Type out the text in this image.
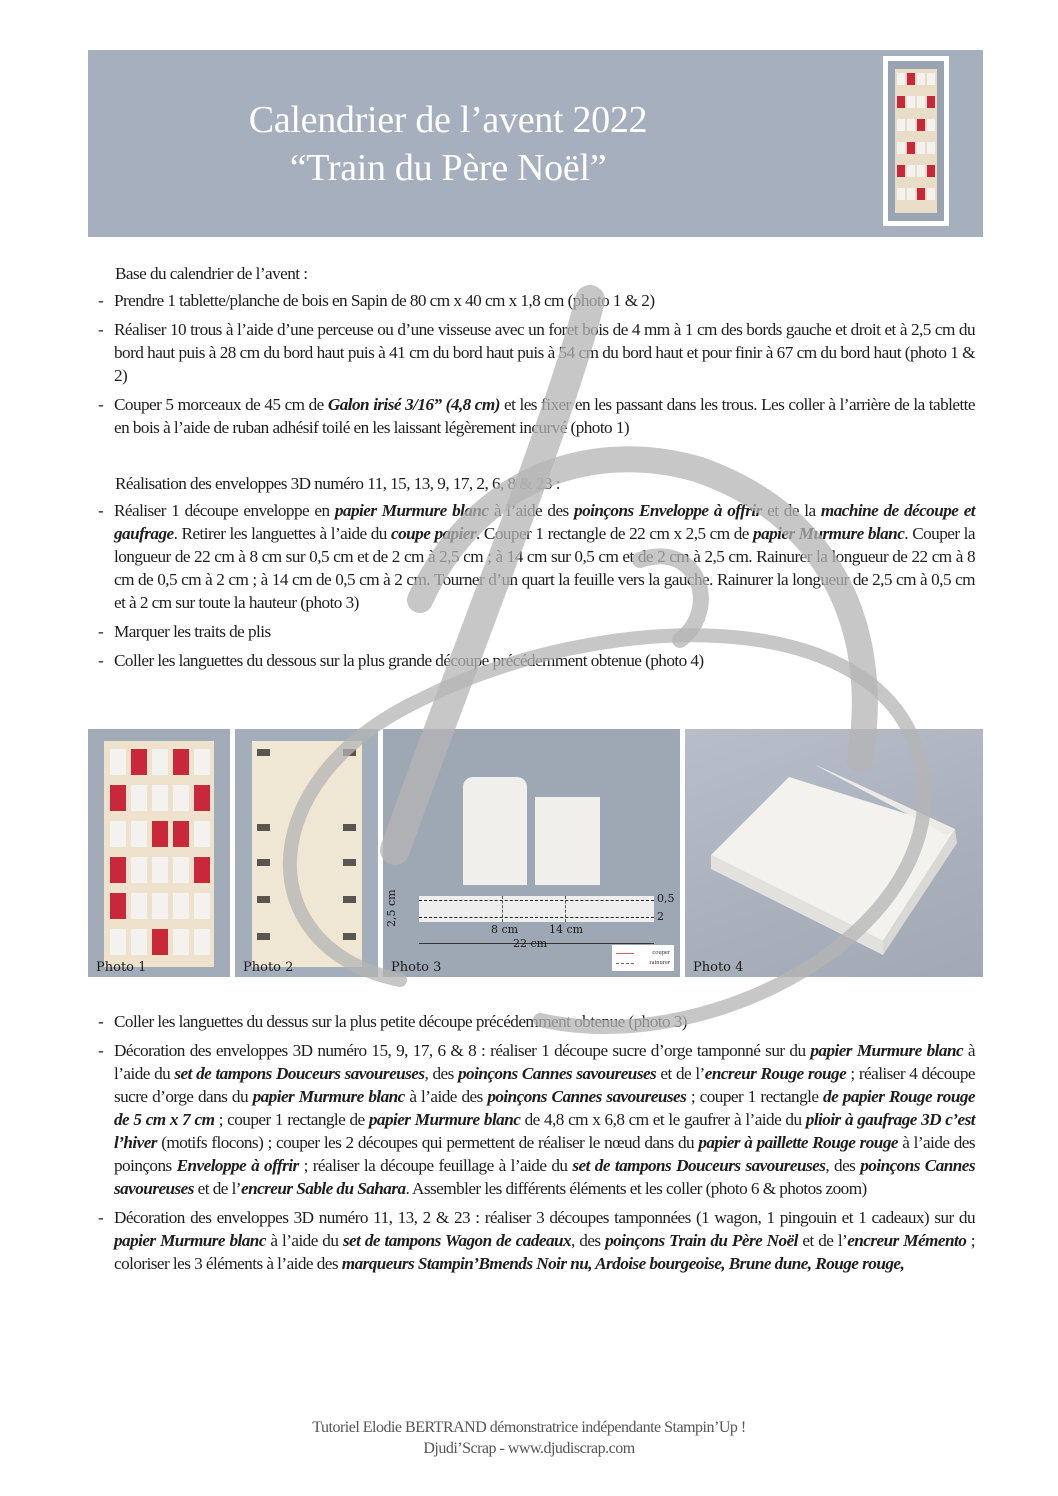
Calendrier de l’avent 2022
“Train du Père Noël”

Base du calendrier de l’avent :

- Prendre 1 tablette/planche de bois en Sapin de 80 cm x 40 cm x 1,8 cm (photo 1 & 2)

- Réaliser 10 trous à l’aide d’une perceuse ou d’une visseuse avec un foret bois de 4 mm à 1 cm des bords gauche et droit et à 2,5 cm du bord haut puis à 28 cm du bord haut puis à 41 cm du bord haut puis à 54 cm du bord haut et pour finir à 67 cm du bord haut (photo 1 & 2)

- Couper 5 morceaux de 45 cm de Galon irisé 3/16” (4,8 cm) et les fixer en les passant dans les trous. Les coller à l’arrière de la tablette en bois à l’aide de ruban adhésif toilé en les laissant légèrement incurvé (photo 1)

Réalisation des enveloppes 3D numéro 11, 15, 13, 9, 17, 2, 6, 8 & 23 :

- Réaliser 1 découpe enveloppe en papier Murmure blanc à l’aide des poinçons Enveloppe à offrir et de la machine de découpe et gaufrage. Retirer les languettes à l’aide du coupe papier. Couper 1 rectangle de 22 cm x 2,5 cm de papier Murmure blanc. Couper la longueur de 22 cm à 8 cm sur 0,5 cm et de 2 cm à 2,5 cm ; à 14 cm sur 0,5 cm et de 2 cm à 2,5 cm. Rainurer la longueur de 22 cm à 8 cm de 0,5 cm à 2 cm ; à 14 cm de 0,5 cm à 2 cm. Tourner d’un quart la feuille vers la gauche. Rainurer la longueur de 2,5 cm à 0,5 cm et à 2 cm sur toute la hauteur (photo 3)

- Marquer les traits de plis

- Coller les languettes du dessous sur la plus grande découpe précédemment obtenue (photo 4)

Photo 1	Photo 2
2,5 cm	0,5
2
8 cm	14 cm
22 cm
couper
rainurer
Photo 3	Photo 4

- Coller les languettes du dessus sur la plus petite découpe précédemment obtenue (photo 3)

- Décoration des enveloppes 3D numéro 15, 9, 17, 6 & 8 : réaliser 1 découpe sucre d’orge tamponné sur du papier Murmure blanc à l’aide du set de tampons Douceurs savoureuses, des poinçons Cannes savoureuses et de l’encreur Rouge rouge ; réaliser 4 découpe sucre d’orge dans du papier Murmure blanc à l’aide des poinçons Cannes savoureuses ; couper 1 rectangle de papier Rouge rouge de 5 cm x 7 cm ; couper 1 rectangle de papier Murmure blanc de 4,8 cm x 6,8 cm et le gaufrer à l’aide du plioir à gaufrage 3D c’est l’hiver (motifs flocons) ; couper les 2 découpes qui permettent de réaliser le nœud dans du papier à paillette Rouge rouge à l’aide des poinçons Enveloppe à offrir ; réaliser la découpe feuillage à l’aide du set de tampons Douceurs savoureuses, des poinçons Cannes savoureuses et de l’encreur Sable du Sahara. Assembler les différents éléments et les coller (photo 6 & photos zoom)

- Décoration des enveloppes 3D numéro 11, 13, 2 & 23 : réaliser 3 découpes tamponnées (1 wagon, 1 pingouin et 1 cadeaux) sur du papier Murmure blanc à l’aide du set de tampons Wagon de cadeaux, des poinçons Train du Père Noël et de l’encreur Mémento ; coloriser les 3 éléments à l’aide des marqueurs Stampin’Bmends Noir nu, Ardoise bourgeoise, Brune dune, Rouge rouge,

Tutoriel Elodie BERTRAND démonstratrice indépendante Stampin’Up !
Djudi’Scrap - www.djudiscrap.com
